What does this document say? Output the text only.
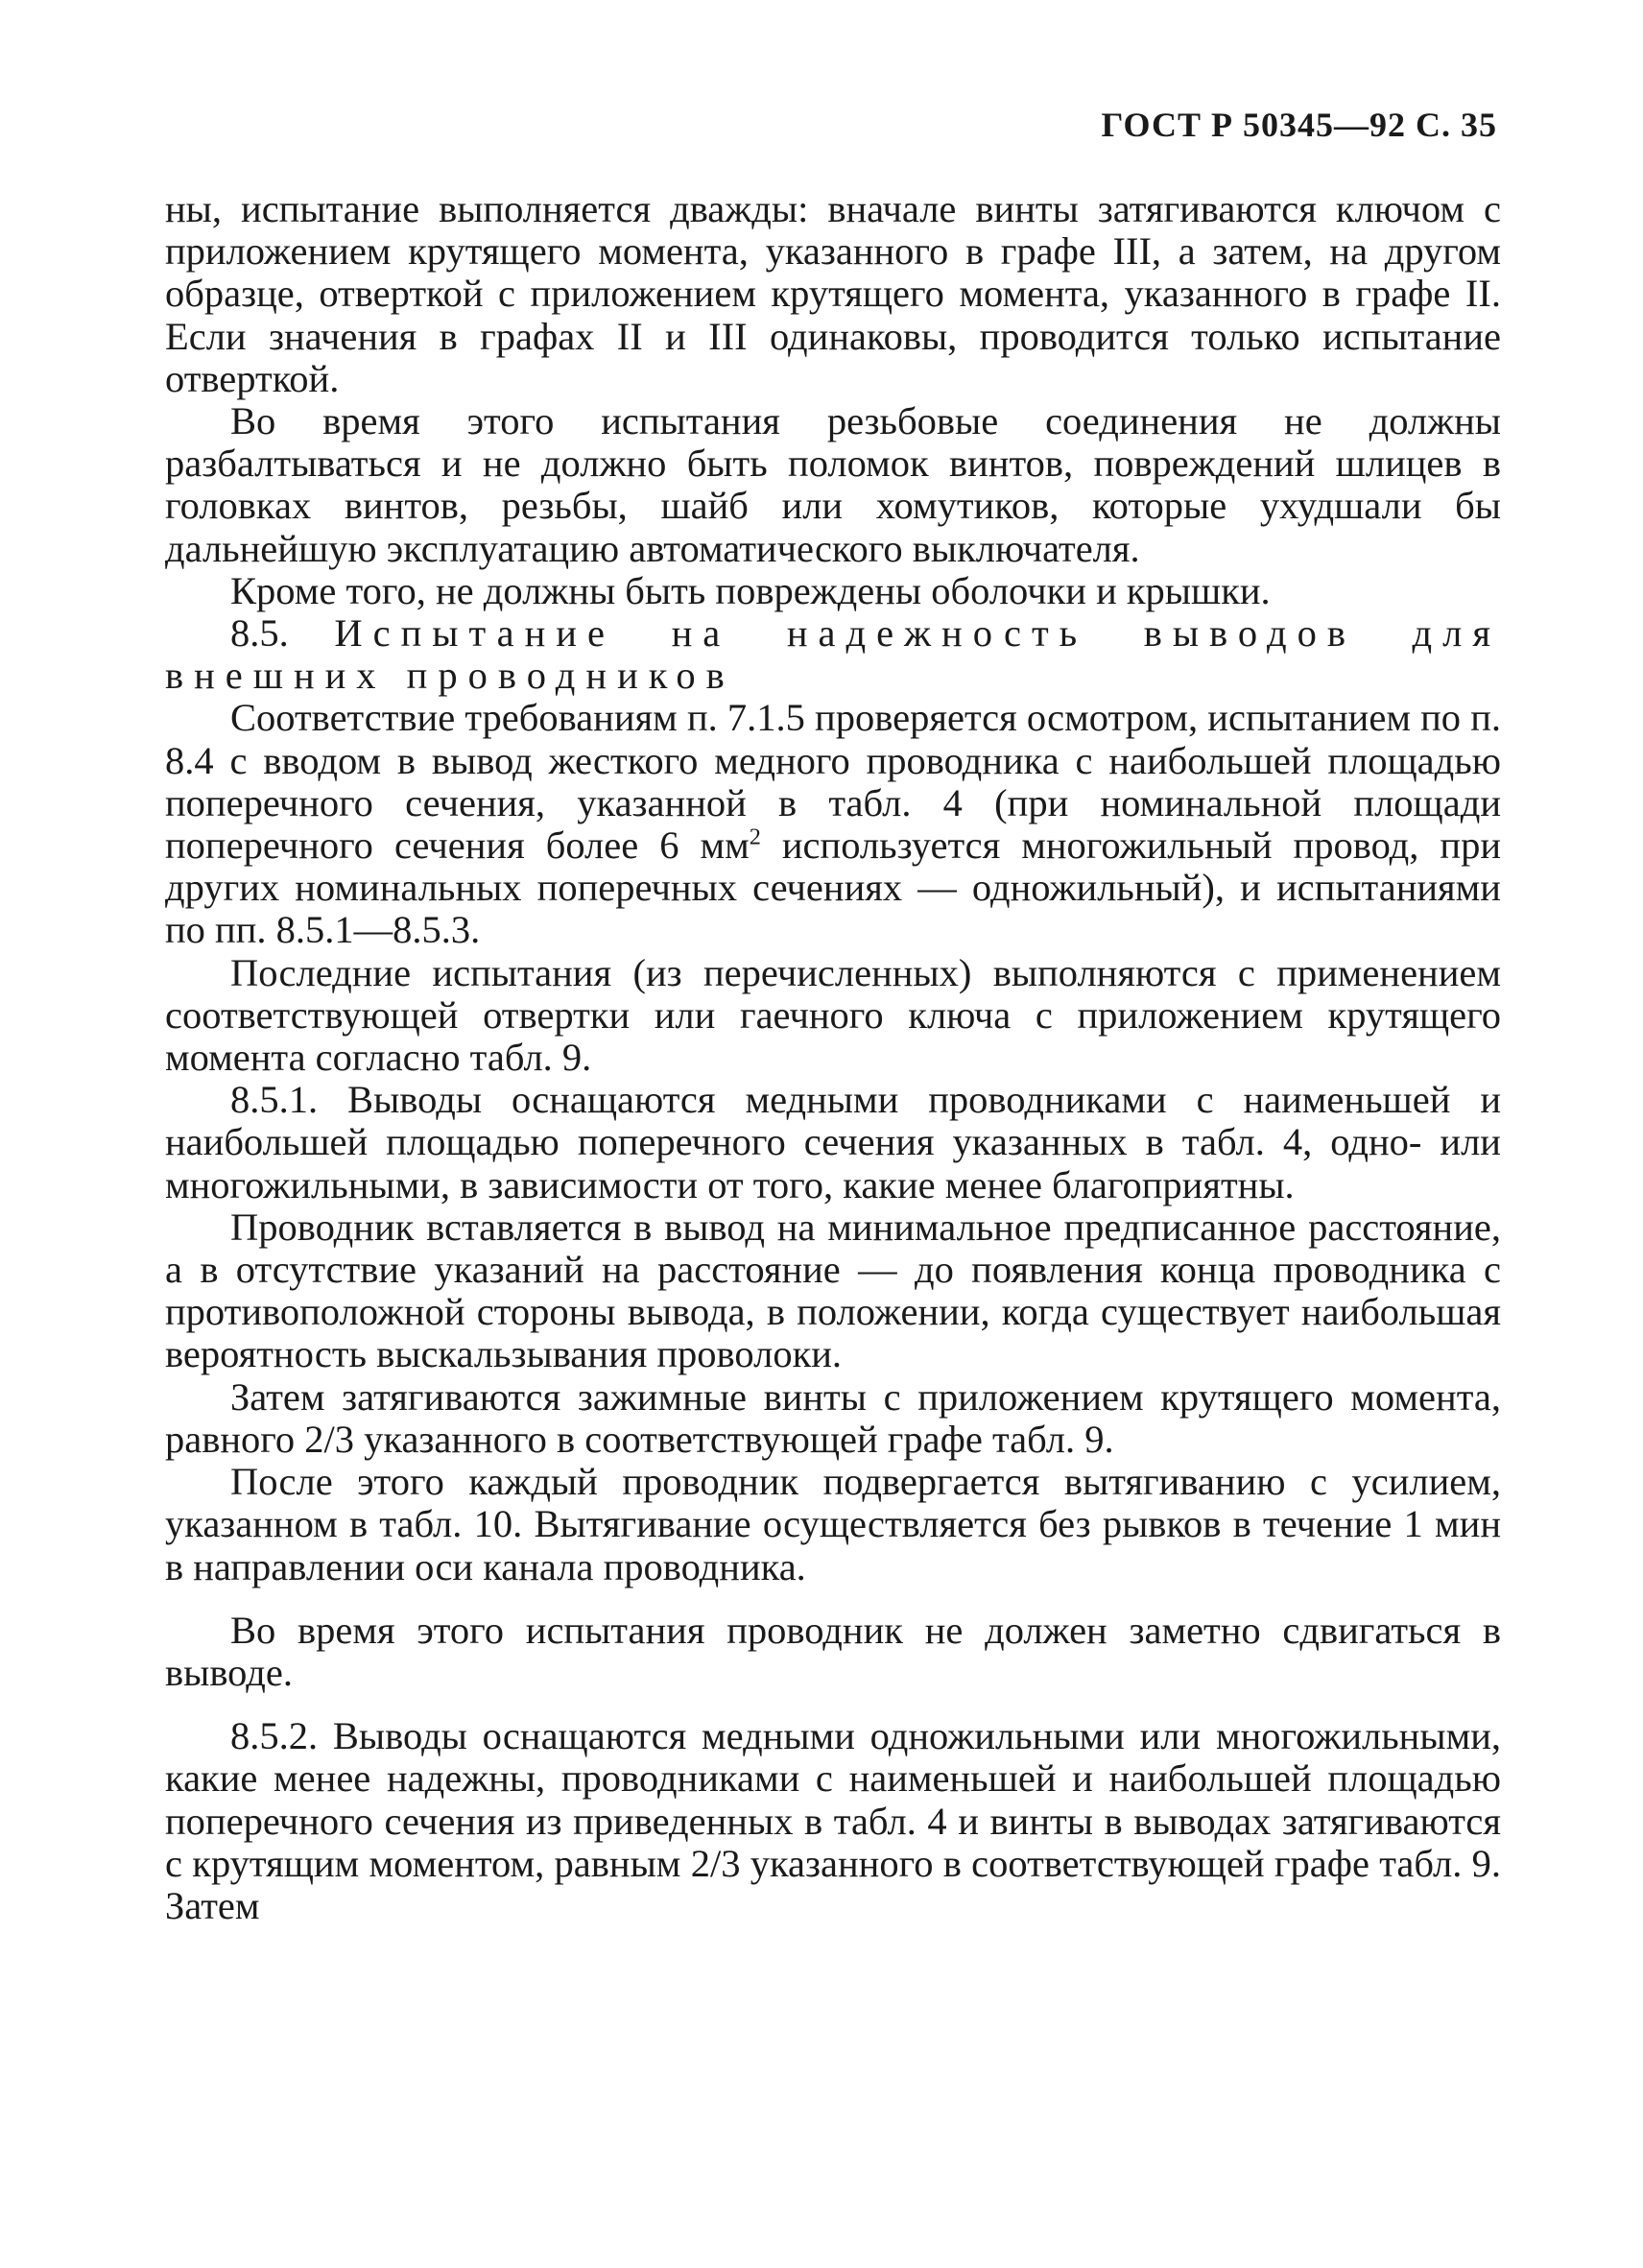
ГОСТ Р 50345—92 С. 35

ны, испытание выполняется дважды: вначале винты затягиваются ключом с приложением крутящего момента, указанного в графе III, а затем, на другом образце, отверткой с приложением крутящего момента, указанного в графе II. Если значения в графах II и III одинаковы, проводится только испытание отверткой.

Во время этого испытания резьбовые соединения не должны разбалтываться и не должно быть поломок винтов, повреждений шлицев в головках винтов, резьбы, шайб или хомутиков, которые ухудшали бы дальнейшую эксплуатацию автоматического выключателя.

Кроме того, не должны быть повреждены оболочки и крышки.

8.5. Испытание на надежность выводов для внешних проводников

Соответствие требованиям п. 7.1.5 проверяется осмотром, испытанием по п. 8.4 с вводом в вывод жесткого медного проводника с наибольшей площадью поперечного сечения, указанной в табл. 4 (при номинальной площади поперечного сечения более 6 $мм^2$ используется многожильный провод, при других номинальных поперечных сечениях — одножильный), и испытаниями по пп. 8.5.1—8.5.3.

Последние испытания (из перечисленных) выполняются с применением соответствующей отвертки или гаечного ключа с приложением крутящего момента согласно табл. 9.

8.5.1. Выводы оснащаются медными проводниками с наименьшей и наибольшей площадью поперечного сечения указанных в табл. 4, одно- или многожильными, в зависимости от того, какие менее благоприятны.

Проводник вставляется в вывод на минимальное предписанное расстояние, а в отсутствие указаний на расстояние — до появления конца проводника с противоположной стороны вывода, в положении, когда существует наибольшая вероятность выскальзывания проволоки.

Затем затягиваются зажимные винты с приложением крутящего момента, равного 2/3 указанного в соответствующей графе табл. 9.

После этого каждый проводник подвергается вытягиванию с усилием, указанном в табл. 10. Вытягивание осуществляется без рывков в течение 1 мин в направлении оси канала проводника.

Во время этого испытания проводник не должен заметно сдвигаться в выводе.

8.5.2. Выводы оснащаются медными одножильными или многожильными, какие менее надежны, проводниками с наименьшей и наибольшей площадью поперечного сечения из приведенных в табл. 4 и винты в выводах затягиваются с крутящим моментом, равным 2/3 указанного в соответствующей графе табл. 9. Затем
